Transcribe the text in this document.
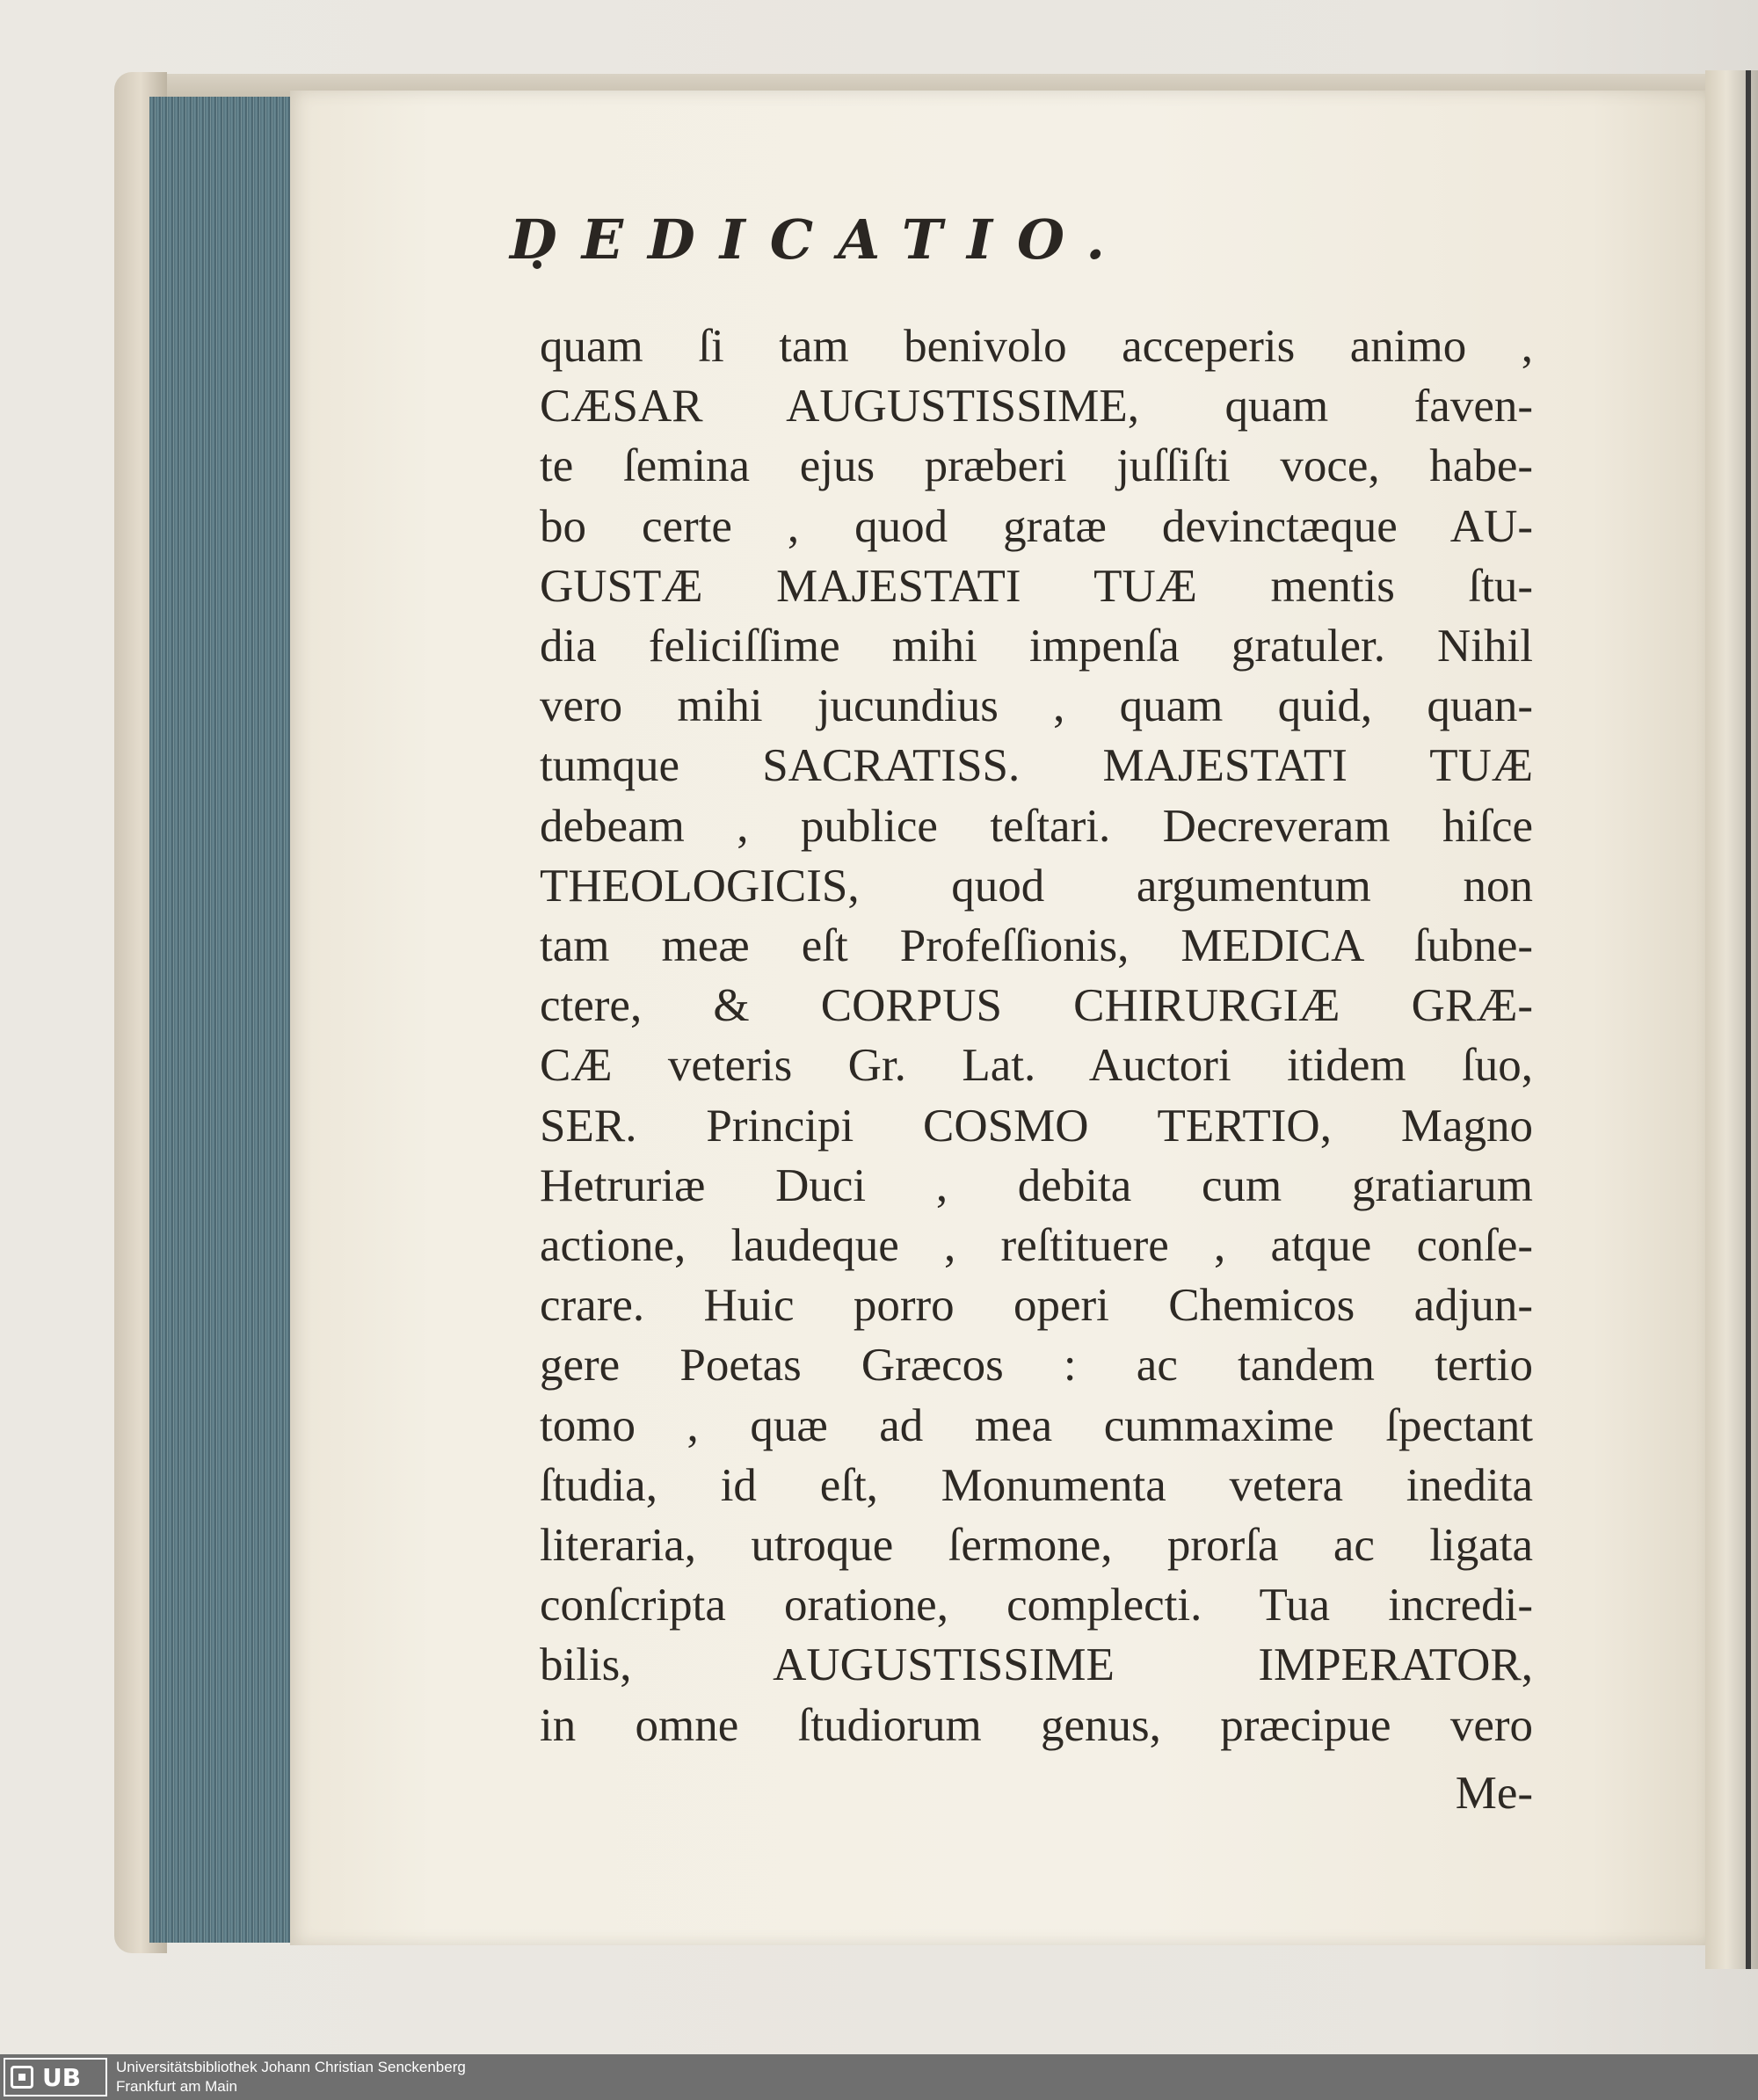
DEDICATIO.
quam ſi tam benivolo acceperis animo ,
CÆSAR AUGUSTISSIME, quam faven-
te ſemina ejus præberi juſſiſti voce, habe-
bo certe , quod gratæ devinctæque AU-
GUSTÆ MAJESTATI TUÆ mentis ſtu-
dia feliciſſime mihi impenſa gratuler. Nihil
vero mihi jucundius , quam quid, quan-
tumque SACRATISS. MAJESTATI TUÆ
debeam , publice teſtari. Decreveram hiſce
THEOLOGICIS, quod argumentum non
tam meæ eſt Profeſſionis, MEDICA ſubne-
ctere, & CORPUS CHIRURGIÆ GRÆ-
CÆ veteris Gr. Lat. Auctori itidem ſuo,
SER. Principi COSMO TERTIO, Magno
Hetruriæ Duci , debita cum gratiarum
actione, laudeque , reſtituere , atque conſe-
crare. Huic porro operi Chemicos adjun-
gere Poetas Græcos : ac tandem tertio
tomo , quæ ad mea cummaxime ſpectant
ſtudia, id eſt, Monumenta vetera inedita
literaria, utroque ſermone, prorſa ac ligata
conſcripta oratione, complecti. Tua incredi-
bilis, AUGUSTISSIME IMPERATOR,
in omne ſtudiorum genus, præcipue vero
Me-
UB Universitätsbibliothek Johann Christian Senckenberg
Frankfurt am Main
